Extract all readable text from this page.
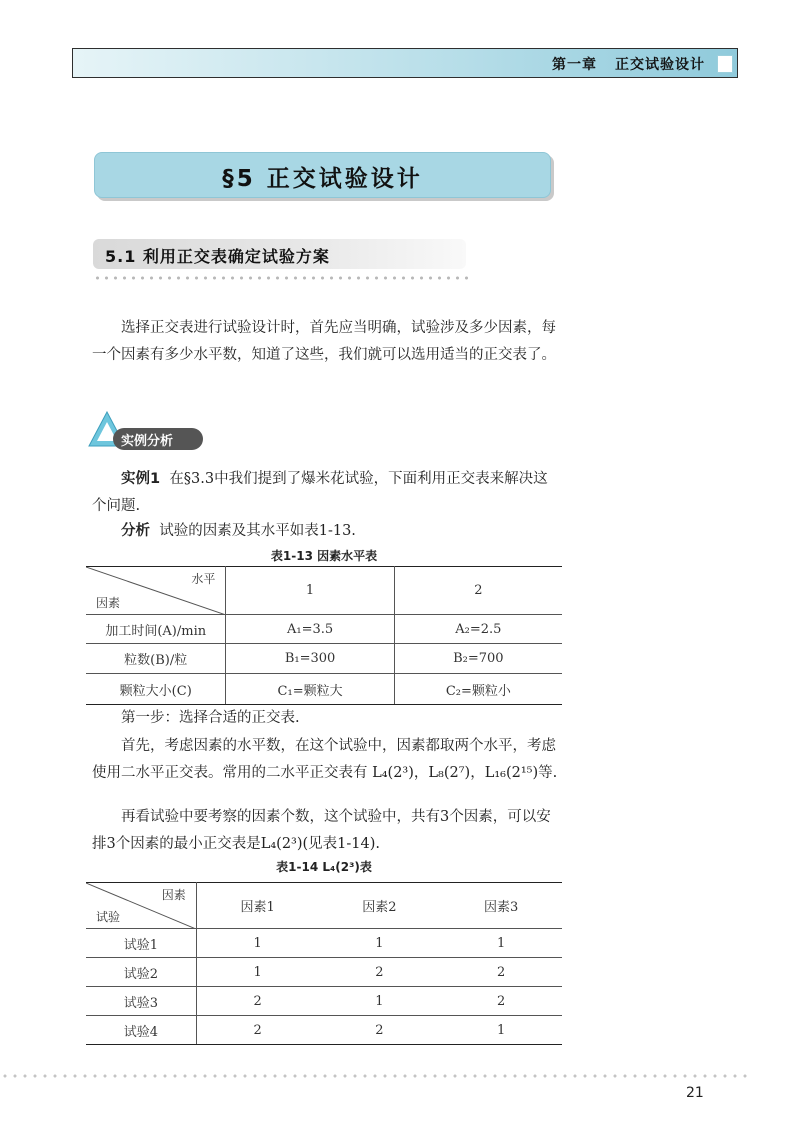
第一章 正交试验设计
§5 正交试验设计
5.1 利用正交表确定试验方案
选择正交表进行试验设计时，首先应当明确，试验涉及多少因素，每一个因素有多少水平数，知道了这些，我们就可以选用适当的正交表了。
实例分析
实例1 在§3.3中我们提到了爆米花试验，下面利用正交表来解决这个问题.
分析 试验的因素及其水平如表1-13.
表1-13 因素水平表
水平
因素	1	2
加工时间(A)/min	A₁=3.5	A₂=2.5
粒数(B)/粒	B₁=300	B₂=700
颗粒大小(C)	C₁=颗粒大	C₂=颗粒小
第一步：选择合适的正交表.
首先，考虑因素的水平数，在这个试验中，因素都取两个水平，考虑使用二水平正交表。常用的二水平正交表有 L₄(2³)，L₈(2⁷)，L₁₆(2¹⁵)等.
再看试验中要考察的因素个数，这个试验中，共有3个因素，可以安排3个因素的最小正交表是L₄(2³)(见表1-14).
表1-14 L₄(2³)表
因素
试验	因素1	因素2	因素3
试验1	1	1	1
试验2	1	2	2
试验3	2	1	2
试验4	2	2	1
21
